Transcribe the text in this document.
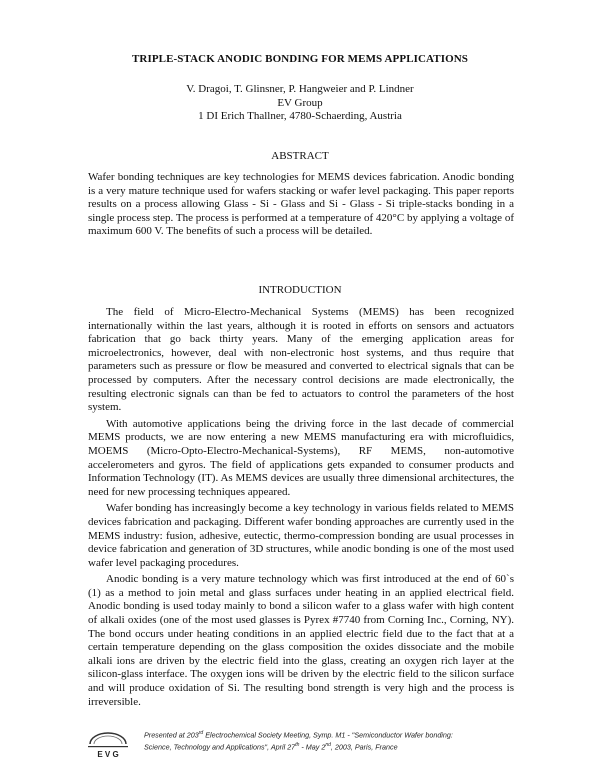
TRIPLE-STACK ANODIC BONDING FOR MEMS APPLICATIONS
V. Dragoi, T. Glinsner, P. Hangweier and P. Lindner
EV Group
1 DI Erich Thallner, 4780-Schaerding, Austria
ABSTRACT
Wafer bonding techniques are key technologies for MEMS devices fabrication. Anodic bonding is a very mature technique used for wafers stacking or wafer level packaging. This paper reports results on a process allowing Glass - Si - Glass and Si - Glass - Si triple-stacks bonding in a single process step. The process is performed at a temperature of 420°C by applying a voltage of maximum 600 V. The benefits of such a process will be detailed.
INTRODUCTION

The field of Micro-Electro-Mechanical Systems (MEMS) has been recognized internationally within the last years, although it is rooted in efforts on sensors and actuators fabrication that go back thirty years. Many of the emerging application areas for microelectronics, however, deal with non-electronic host systems, and thus require that parameters such as pressure or flow be measured and converted to electrical signals that can be processed by computers. After the necessary control decisions are made electronically, the resulting electronic signals can than be fed to actuators to control the parameters of the host system.

With automotive applications being the driving force in the last decade of commercial MEMS products, we are now entering a new MEMS manufacturing era with microfluidics, MOEMS (Micro-Opto-Electro-Mechanical-Systems), RF MEMS, non-automotive accelerometers and gyros. The field of applications gets expanded to consumer products and Information Technology (IT). As MEMS devices are usually three dimensional architectures, the need for new processing techniques appeared.

Wafer bonding has increasingly become a key technology in various fields related to MEMS devices fabrication and packaging. Different wafer bonding approaches are currently used in the MEMS industry: fusion, adhesive, eutectic, thermo-compression bonding are usual processes in device fabrication and generation of 3D structures, while anodic bonding is one of the most used wafer level packaging procedures.

Anodic bonding is a very mature technology which was first introduced at the end of 60`s (1) as a method to join metal and glass surfaces under heating in an applied electrical field. Anodic bonding is used today mainly to bond a silicon wafer to a glass wafer with high content of alkali oxides (one of the most used glasses is Pyrex #7740 from Corning Inc., Corning, NY). The bond occurs under heating conditions in an applied electric field due to the fact that at a certain temperature depending on the glass composition the oxides dissociate and the mobile alkali ions are driven by the electric field into the glass, creating an oxygen rich layer at the silicon-glass interface. The oxygen ions will be driven by the electric field to the silicon surface and will produce oxidation of Si. The resulting bond strength is very high and the process is irreversible.

E V G
Presented at 203rd Electrochemical Society Meeting, Symp. M1 - "Semiconductor Wafer bonding:
Science, Technology and Applications", April 27th - May 2nd, 2003, Paris, France
